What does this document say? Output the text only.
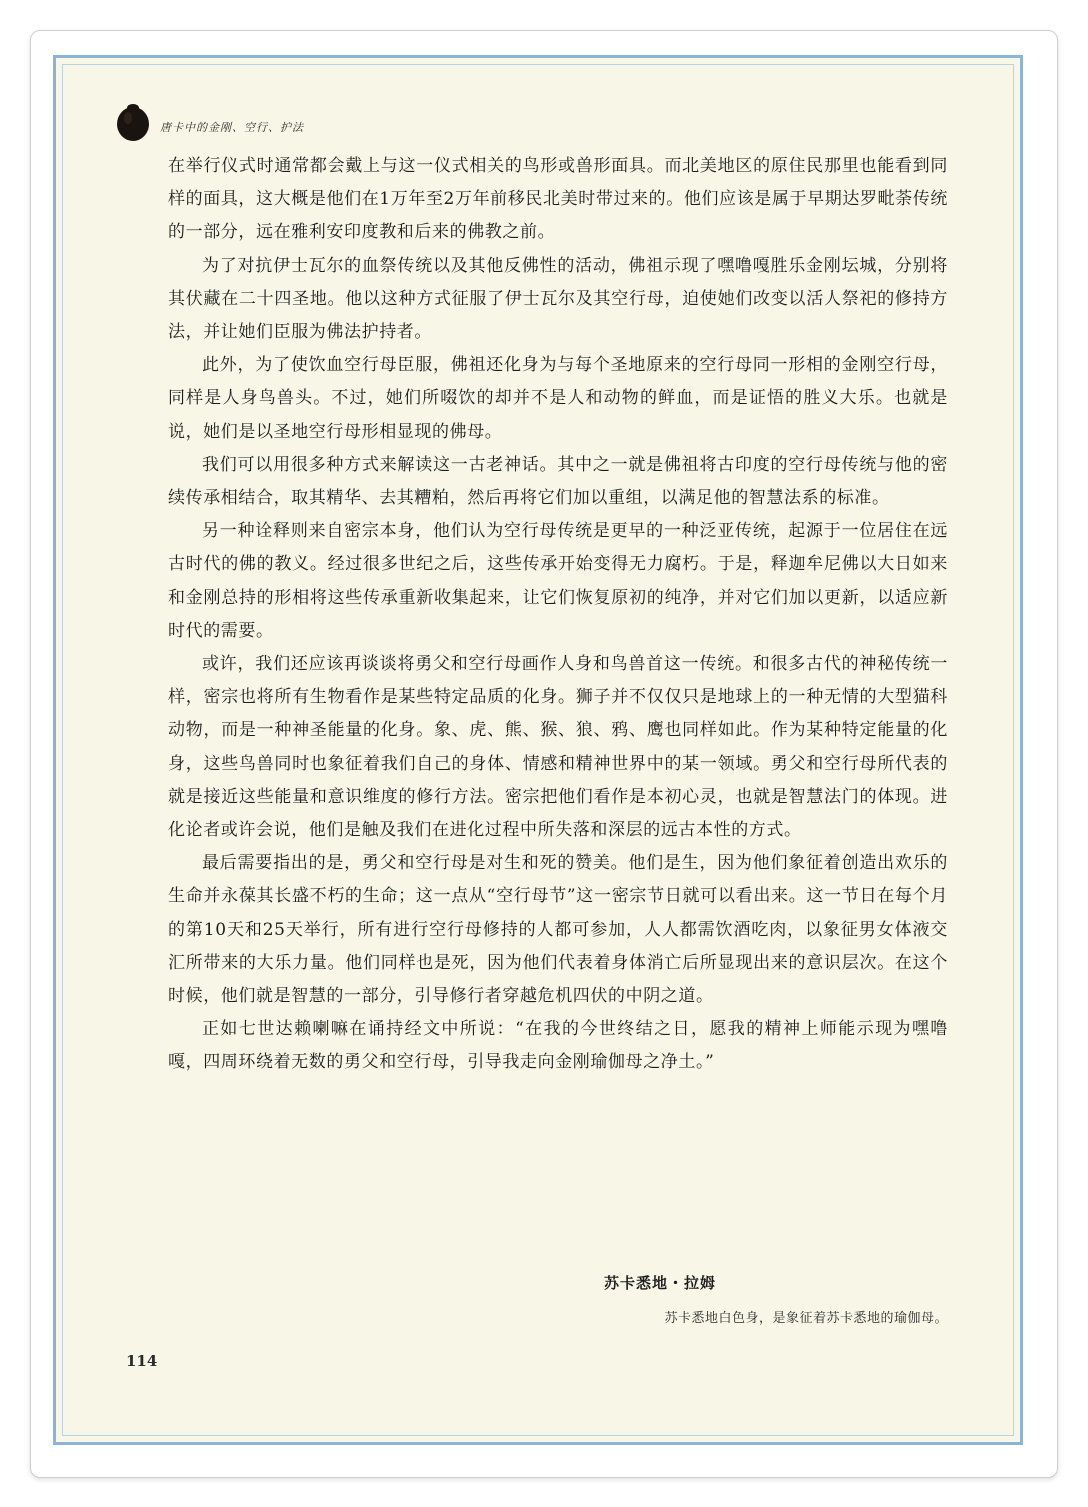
唐卡中的金刚、空行、护法

在举行仪式时通常都会戴上与这一仪式相关的鸟形或兽形面具。而北美地区的原住民那里也能看到同样的面具，这大概是他们在1万年至2万年前移民北美时带过来的。他们应该是属于早期达罗毗荼传统的一部分，远在雅利安印度教和后来的佛教之前。

为了对抗伊士瓦尔的血祭传统以及其他反佛性的活动，佛祖示现了嘿噜嘎胜乐金刚坛城，分别将其伏藏在二十四圣地。他以这种方式征服了伊士瓦尔及其空行母，迫使她们改变以活人祭祀的修持方法，并让她们臣服为佛法护持者。

此外，为了使饮血空行母臣服，佛祖还化身为与每个圣地原来的空行母同一形相的金刚空行母，同样是人身鸟兽头。不过，她们所啜饮的却并不是人和动物的鲜血，而是证悟的胜义大乐。也就是说，她们是以圣地空行母形相显现的佛母。

我们可以用很多种方式来解读这一古老神话。其中之一就是佛祖将古印度的空行母传统与他的密续传承相结合，取其精华、去其糟粕，然后再将它们加以重组，以满足他的智慧法系的标准。

另一种诠释则来自密宗本身，他们认为空行母传统是更早的一种泛亚传统，起源于一位居住在远古时代的佛的教义。经过很多世纪之后，这些传承开始变得无力腐朽。于是，释迦牟尼佛以大日如来和金刚总持的形相将这些传承重新收集起来，让它们恢复原初的纯净，并对它们加以更新，以适应新时代的需要。

或许，我们还应该再谈谈将勇父和空行母画作人身和鸟兽首这一传统。和很多古代的神秘传统一样，密宗也将所有生物看作是某些特定品质的化身。狮子并不仅仅只是地球上的一种无情的大型猫科动物，而是一种神圣能量的化身。象、虎、熊、猴、狼、鸦、鹰也同样如此。作为某种特定能量的化身，这些鸟兽同时也象征着我们自己的身体、情感和精神世界中的某一领域。勇父和空行母所代表的就是接近这些能量和意识维度的修行方法。密宗把他们看作是本初心灵，也就是智慧法门的体现。进化论者或许会说，他们是触及我们在进化过程中所失落和深层的远古本性的方式。

最后需要指出的是，勇父和空行母是对生和死的赞美。他们是生，因为他们象征着创造出欢乐的生命并永葆其长盛不朽的生命；这一点从“空行母节”这一密宗节日就可以看出来。这一节日在每个月的第10天和25天举行，所有进行空行母修持的人都可参加，人人都需饮酒吃肉，以象征男女体液交汇所带来的大乐力量。他们同样也是死，因为他们代表着身体消亡后所显现出来的意识层次。在这个时候，他们就是智慧的一部分，引导修行者穿越危机四伏的中阴之道。

正如七世达赖喇嘛在诵持经文中所说：“在我的今世终结之日，愿我的精神上师能示现为嘿噜嘎，四周环绕着无数的勇父和空行母，引导我走向金刚瑜伽母之净土。”

苏卡悉地・拉姆
苏卡悉地白色身，是象征着苏卡悉地的瑜伽母。
114
